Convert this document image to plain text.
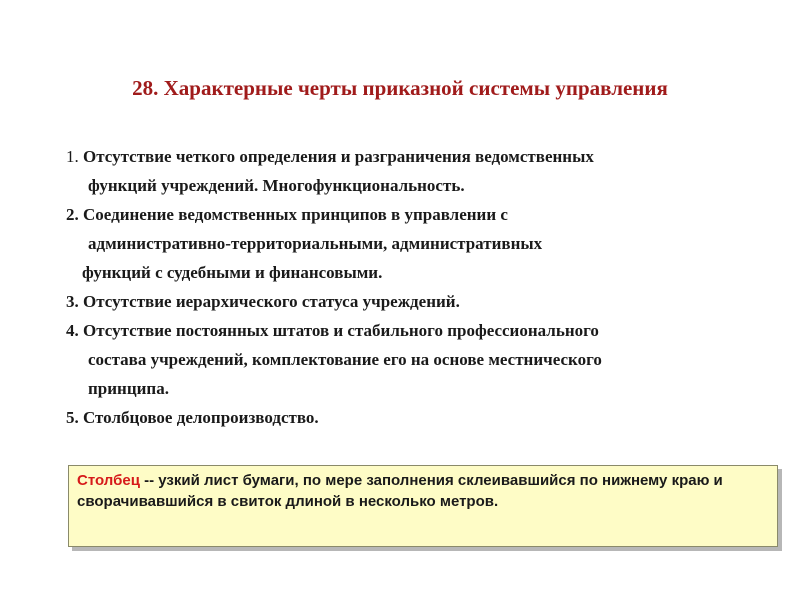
28. Характерные черты приказной системы управления
1. Отсутствие четкого определения и разграничения ведомственных
функций учреждений. Многофункциональность.
2. Соединение ведомственных принципов в управлении с
административно-территориальными, административных
функций с судебными и финансовыми.
3. Отсутствие иерархического статуса учреждений.
4. Отсутствие постоянных штатов и стабильного профессионального
состава учреждений, комплектование его на основе местнического
принципа.
5. Столбцовое делопроизводство.
Столбец -- узкий лист бумаги, по мере заполнения склеивавшийся по нижнему краю и сворачивавшийся в свиток длиной в несколько метров.
